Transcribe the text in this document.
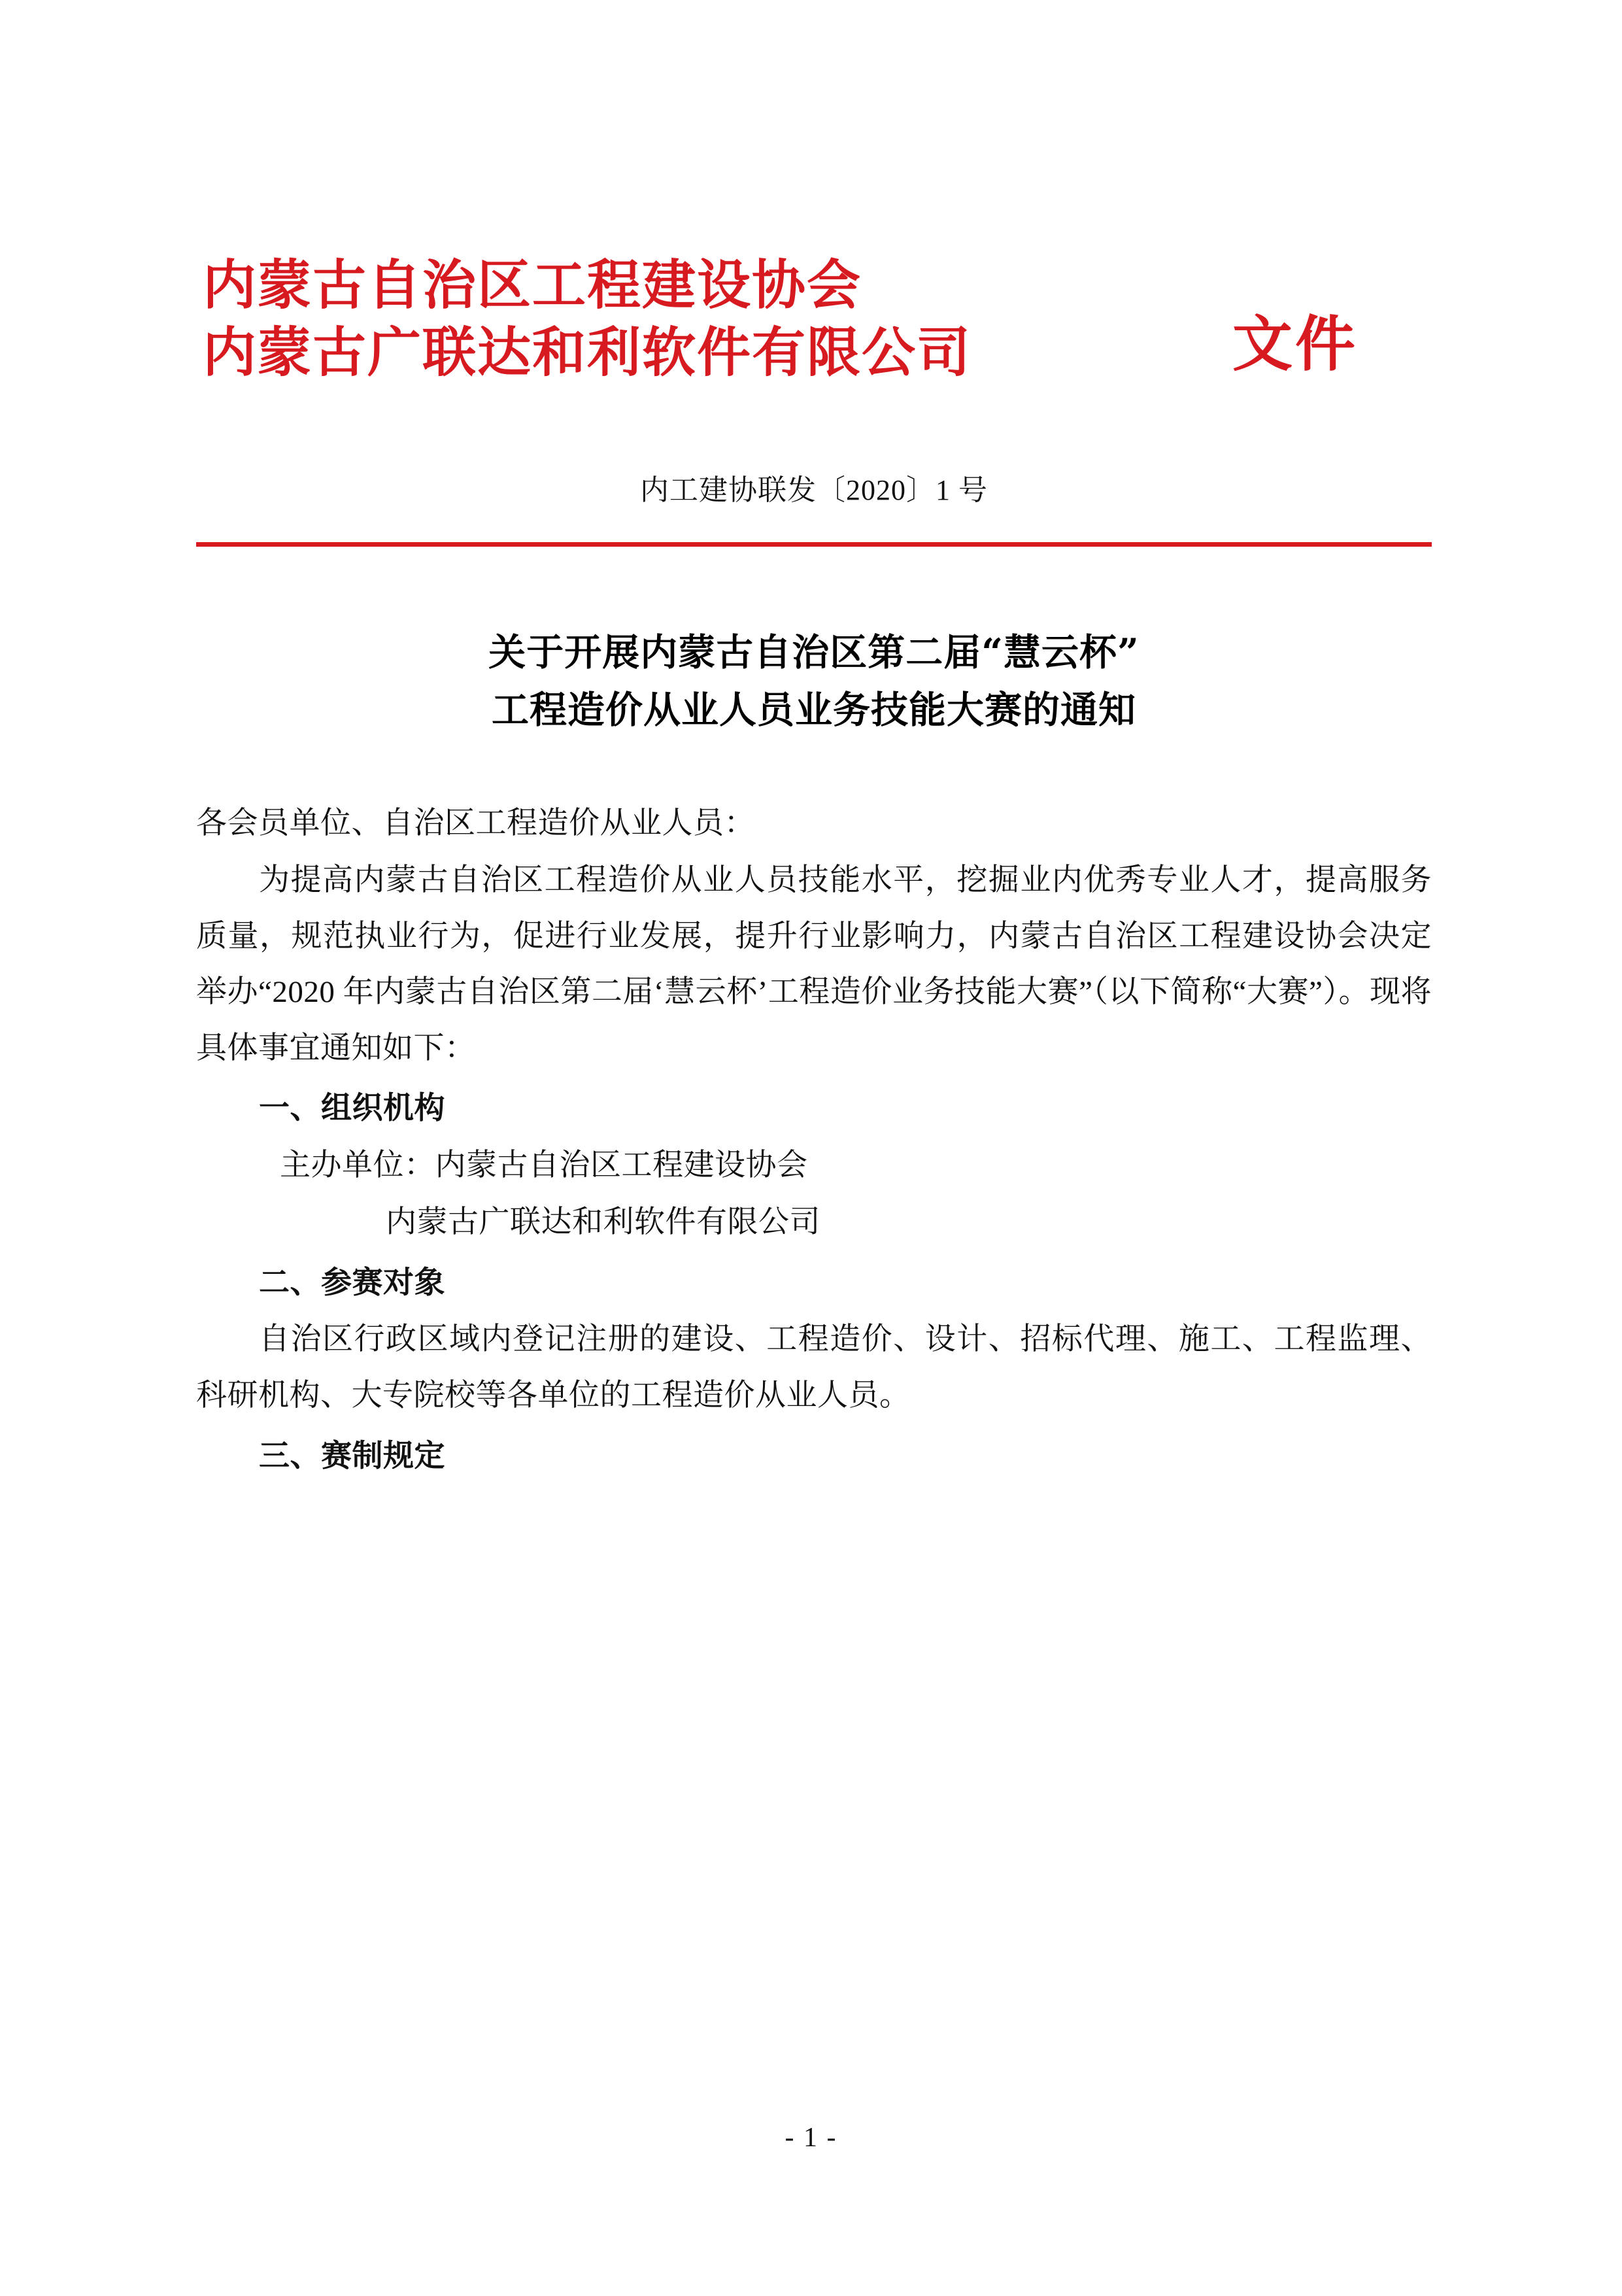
内蒙古自治区工程建设协会
内蒙古广联达和利软件有限公司	文件
内工建协联发〔2020〕1 号
关于开展内蒙古自治区第二届“慧云杯”
工程造价从业人员业务技能大赛的通知

各会员单位、自治区工程造价从业人员：

为提高内蒙古自治区工程造价从业人员技能水平，挖掘业内优秀专业人才，提高服务质量，规范执业行为，促进行业发展，提升行业影响力，内蒙古自治区工程建设协会决定举办“2020 年内蒙古自治区第二届‘慧云杯’工程造价业务技能大赛”（以下简称“大赛”）。现将具体事宜通知如下：

一、组织机构

主办单位：内蒙古自治区工程建设协会

内蒙古广联达和利软件有限公司

二、参赛对象

自治区行政区域内登记注册的建设、工程造价、设计、招标代理、施工、工程监理、科研机构、大专院校等各单位的工程造价从业人员。

三、赛制规定

- 1 -
